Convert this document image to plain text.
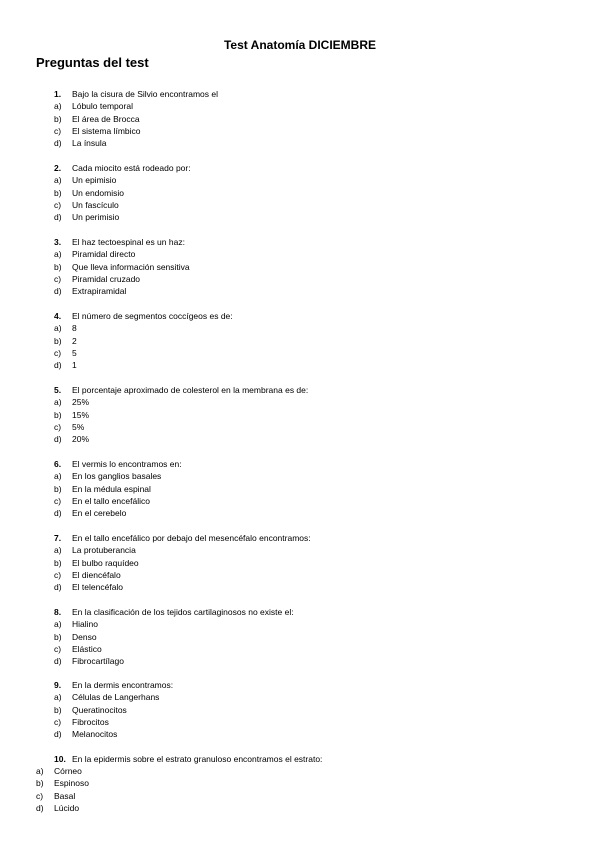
Test Anatomía DICIEMBRE
Preguntas del test
1. Bajo la cisura de Silvio encontramos el
a) Lóbulo temporal
b) El área de Brocca
c) El sistema límbico
d) La ínsula
2. Cada miocito está rodeado por:
a) Un epimisio
b) Un endomisio
c) Un fascículo
d) Un perimisio
3. El haz tectoespinal es un haz:
a) Piramidal directo
b) Que lleva información sensitiva
c) Piramidal cruzado
d) Extrapiramidal
4. El número de segmentos coccígeos es de:
a) 8
b) 2
c) 5
d) 1
5. El porcentaje aproximado de colesterol en la membrana es de:
a) 25%
b) 15%
c) 5%
d) 20%
6. El vermis lo encontramos en:
a) En los ganglios basales
b) En la médula espinal
c) En el tallo encefálico
d) En el cerebelo
7. En el tallo encefálico por debajo del mesencéfalo encontramos:
a) La protuberancia
b) El bulbo raquídeo
c) El diencéfalo
d) El telencéfalo
8. En la clasificación de los tejidos cartilaginosos no existe el:
a) Hialino
b) Denso
c) Elástico
d) Fibrocartílago
9. En la dermis encontramos:
a) Células de Langerhans
b) Queratinocitos
c) Fibrocitos
d) Melanocitos
10. En la epidermis sobre el estrato granuloso encontramos el estrato:
a) Córneo
b) Espinoso
c) Basal
d) Lúcido
